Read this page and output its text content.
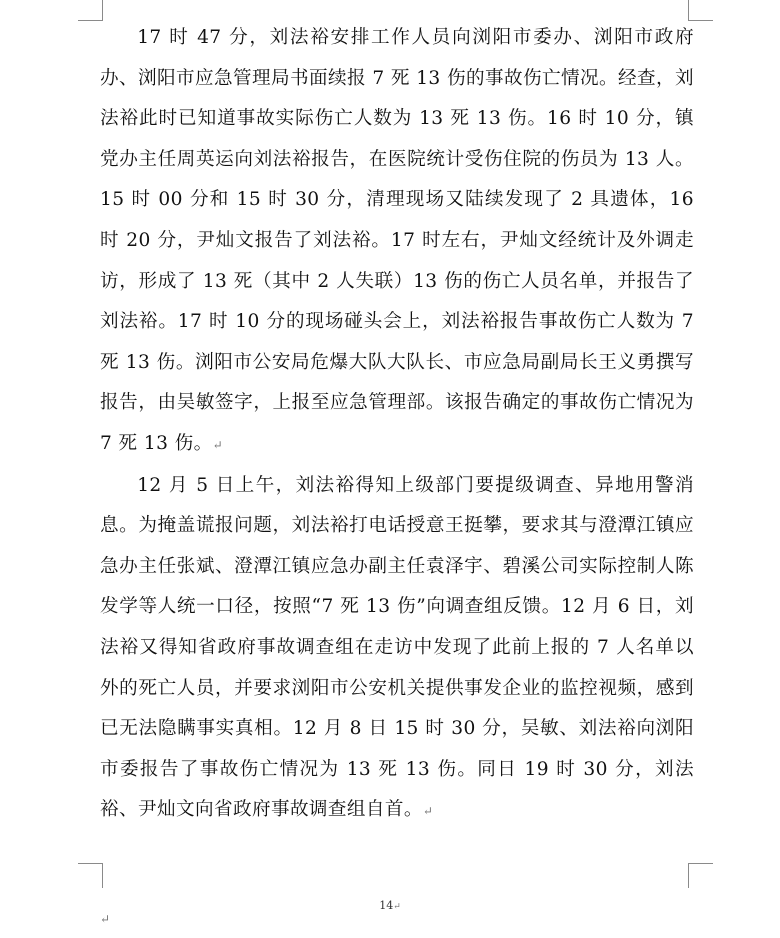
17 时 47 分，刘法裕安排工作人员向浏阳市委办、浏阳市政府办、浏阳市应急管理局书面续报 7 死 13 伤的事故伤亡情况。经查，刘法裕此时已知道事故实际伤亡人数为 13 死 13 伤。16 时 10 分，镇党办主任周英运向刘法裕报告，在医院统计受伤住院的伤员为 13 人。15 时 00 分和 15 时 30 分，清理现场又陆续发现了 2 具遗体，16 时 20 分，尹灿文报告了刘法裕。17 时左右，尹灿文经统计及外调走访，形成了 13 死（其中 2 人失联）13 伤的伤亡人员名单，并报告了刘法裕。17 时 10 分的现场碰头会上，刘法裕报告事故伤亡人数为 7 死 13 伤。浏阳市公安局危爆大队大队长、市应急局副局长王义勇撰写报告，由吴敏签字，上报至应急管理部。该报告确定的事故伤亡情况为 7 死 13 伤。↵

12 月 5 日上午，刘法裕得知上级部门要提级调查、异地用警消息。为掩盖谎报问题，刘法裕打电话授意王挺攀，要求其与澄潭江镇应急办主任张斌、澄潭江镇应急办副主任袁泽宇、碧溪公司实际控制人陈发学等人统一口径，按照“7 死 13 伤”向调查组反馈。12 月 6 日，刘法裕又得知省政府事故调查组在走访中发现了此前上报的 7 人名单以外的死亡人员，并要求浏阳市公安机关提供事发企业的监控视频，感到已无法隐瞒事实真相。12 月 8 日 15 时 30 分，吴敏、刘法裕向浏阳市委报告了事故伤亡情况为 13 死 13 伤。同日 19 时 30 分，刘法裕、尹灿文向省政府事故调查组自首。↵

14↵
↵
